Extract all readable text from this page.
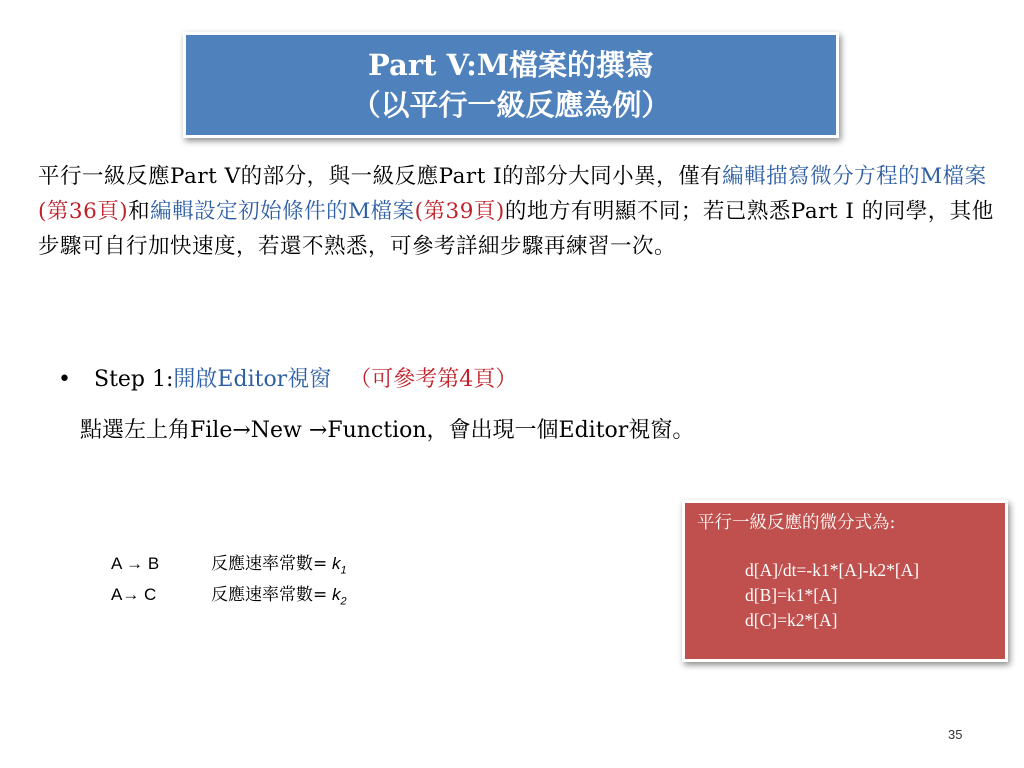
Part V:M檔案的撰寫
（以平行一級反應為例）
平行一級反應Part V的部分，與一級反應Part I的部分大同小異，僅有編輯描寫微分方程的M檔案(第36頁)和編輯設定初始條件的M檔案(第39頁)的地方有明顯不同；若已熟悉Part I 的同學，其他步驟可自行加快速度，若還不熟悉，可參考詳細步驟再練習一次。
• Step 1:開啟Editor視窗 （可參考第4頁）
點選左上角File→New →Function，會出現一個Editor視窗。
A → B	反應速率常數= $k_1$
A→ C	反應速率常數= $k_2$
平行一級反應的微分式為:
d[A]/dt=-k1*[A]-k2*[A]
d[B]=k1*[A]
d[C]=k2*[A]
35
